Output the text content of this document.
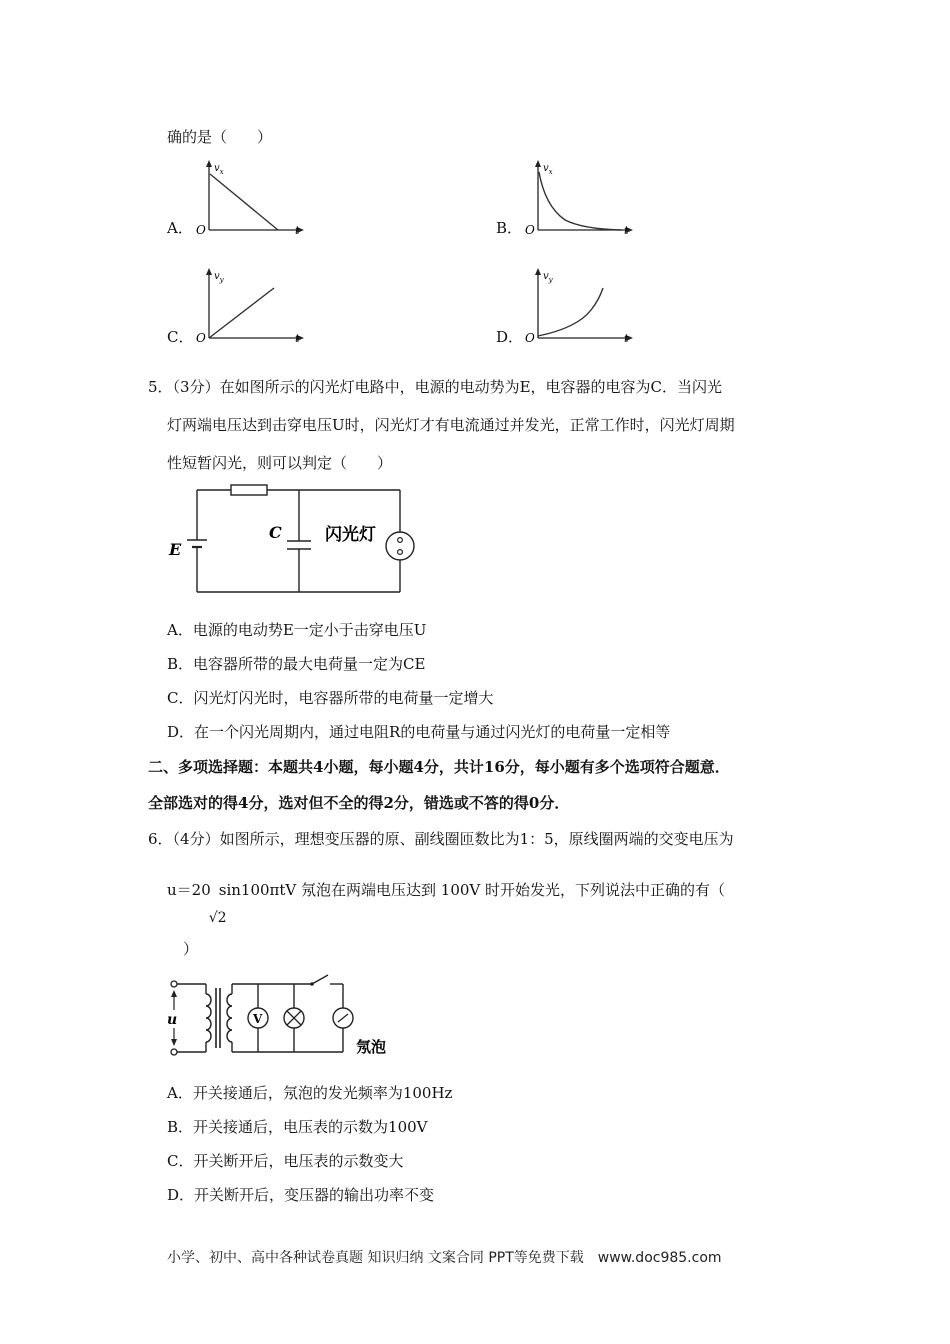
确的是（　　）
A．
$v_x$
O	t	B．
$v_x$
O	t
C．
$v_y$
O	t	D．
$v_y$
O	t
5．（3分）在如图所示的闪光灯电路中，电源的电动势为E，电容器的电容为C．当闪光
灯两端电压达到击穿电压U时，闪光灯才有电流通过并发光，正常工作时，闪光灯周期
性短暂闪光，则可以判定（　　）
E
C	闪光灯
A．电源的电动势E一定小于击穿电压U
B．电容器所带的最大电荷量一定为CE
C．闪光灯闪光时，电容器所带的电荷量一定增大
D．在一个闪光周期内，通过电阻R的电荷量与通过闪光灯的电荷量一定相等
二、多项选择题：本题共4小题，每小题4分，共计16分，每小题有多个选项符合题意．
全部选对的得4分，选对但不全的得2分，错选或不答的得0分．
6．（4分）如图所示，理想变压器的原、副线圈匝数比为1：5，原线圈两端的交变电压为
u＝20
√2
sin100πtV 氖泡在两端电压达到 100V 时开始发光，下列说法中正确的有（
）
u	V
氖泡
A．开关接通后，氖泡的发光频率为100Hz
B．开关接通后，电压表的示数为100V
C．开关断开后，电压表的示数变大
D．开关断开后，变压器的输出功率不变
小学、初中、高中各种试卷真题 知识归纳 文案合同 PPT等免费下载　www.doc985.com
